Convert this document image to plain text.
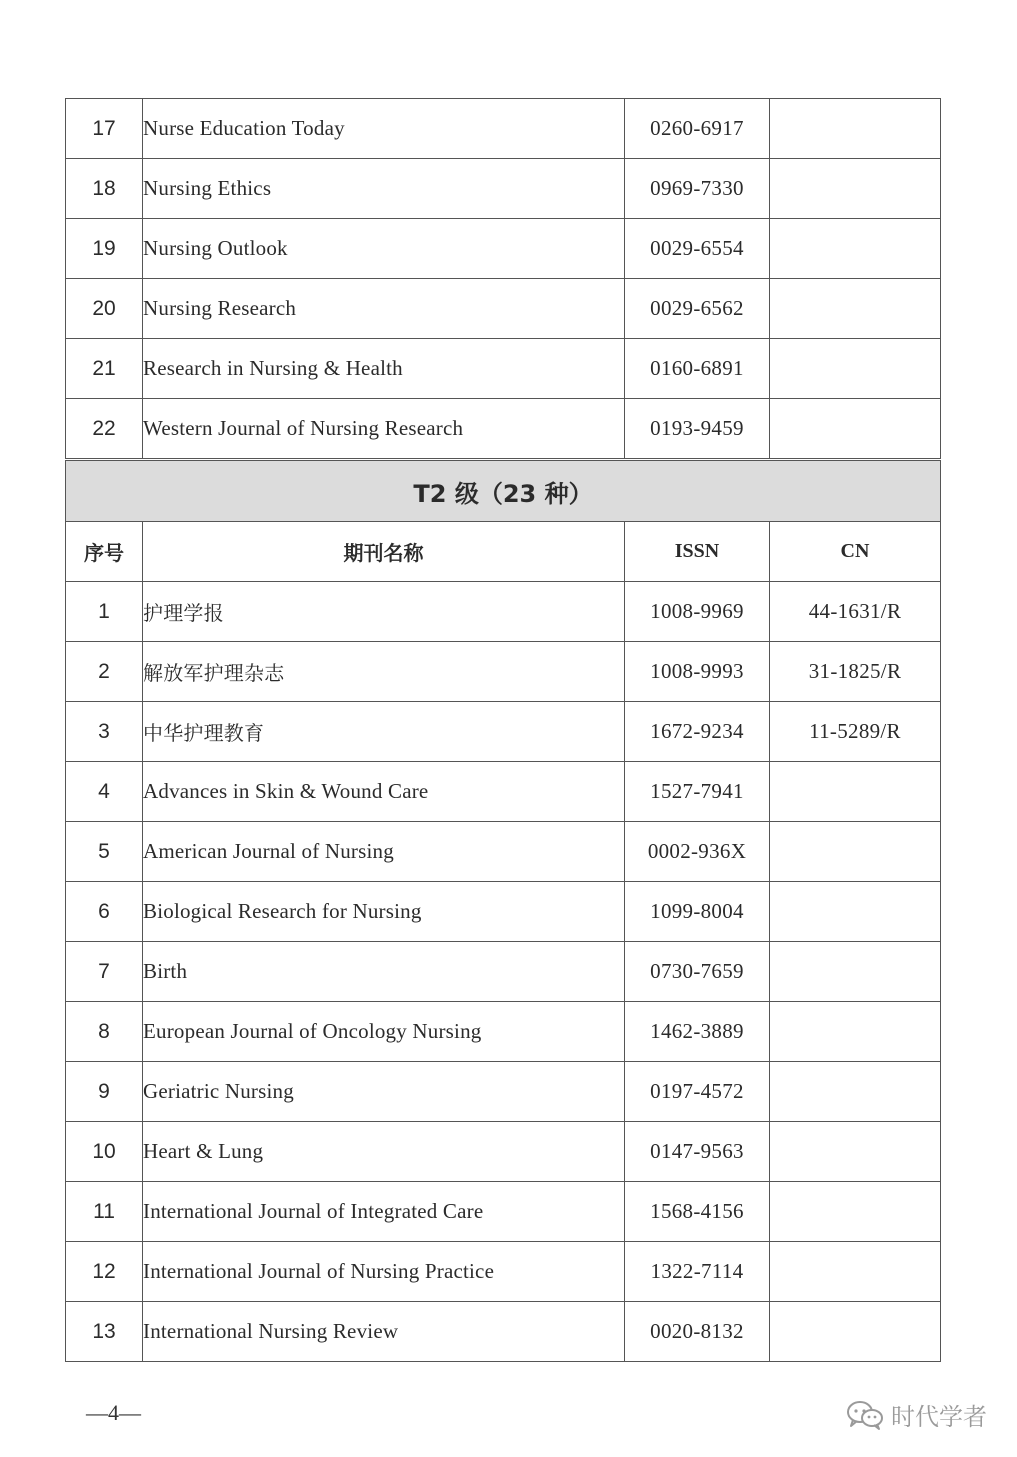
17	Nurse Education Today	0260-6917	
18	Nursing Ethics	0969-7330	
19	Nursing Outlook	0029-6554	
20	Nursing Research	0029-6562	
21	Research in Nursing & Health	0160-6891	
22	Western Journal of Nursing Research	0193-9459	
T2 级（23 种）			
序号	期刊名称	ISSN	CN
1	护理学报	1008-9969	44-1631/R
2	解放军护理杂志	1008-9993	31-1825/R
3	中华护理教育	1672-9234	11-5289/R
4	Advances in Skin & Wound Care	1527-7941	
5	American Journal of Nursing	0002-936X	
6	Biological Research for Nursing	1099-8004	
7	Birth	0730-7659	
8	European Journal of Oncology Nursing	1462-3889	
9	Geriatric Nursing	0197-4572	
10	Heart & Lung	0147-9563	
11	International Journal of Integrated Care	1568-4156	
12	International Journal of Nursing Practice	1322-7114	
13	International Nursing Review	0020-8132	
—4—	时代学者
